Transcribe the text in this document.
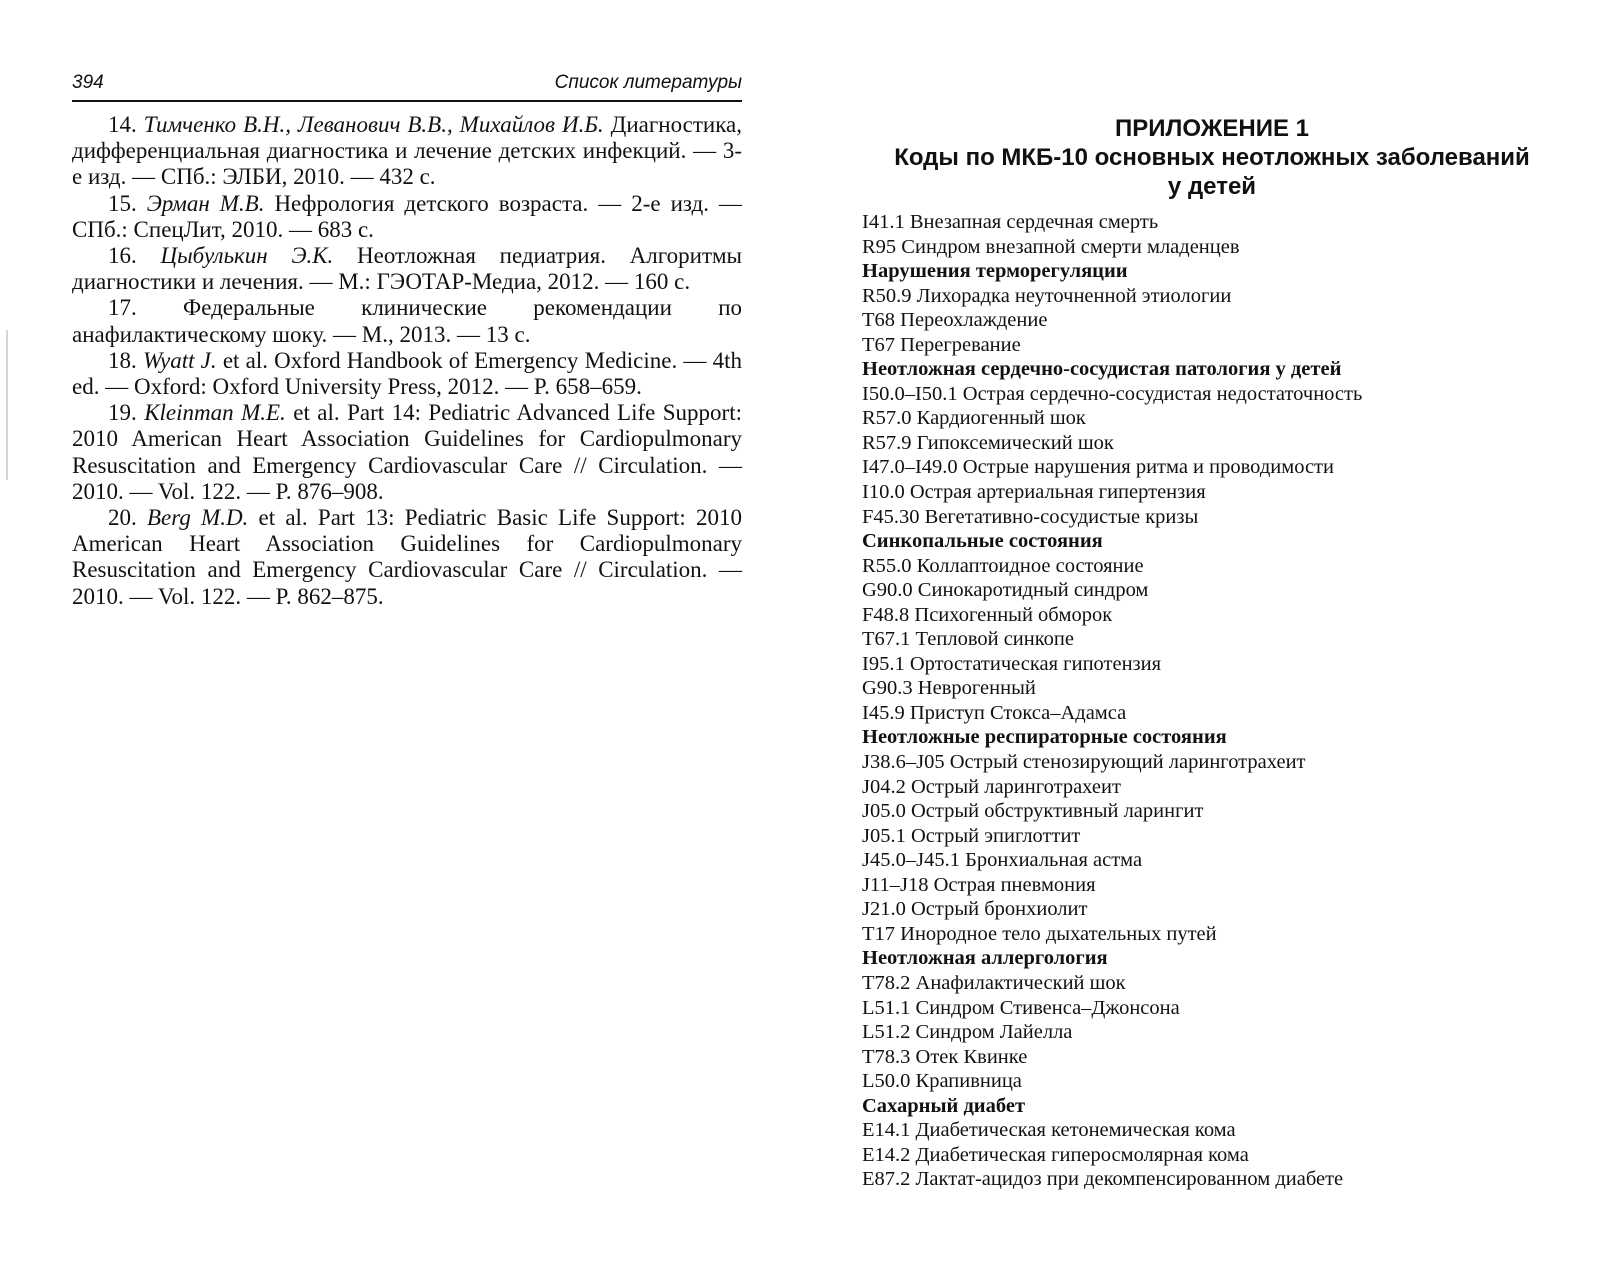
394	Список литературы
14. Тимченко В.Н., Леванович В.В., Михайлов И.Б. Диагностика, дифференциальная диагностика и лечение детских инфекций. — 3-е изд. — СПб.: ЭЛБИ, 2010. — 432 с.
15. Эрман М.В. Нефрология детского возраста. — 2-е изд. — СПб.: СпецЛит, 2010. — 683 с.
16. Цыбулькин Э.К. Неотложная педиатрия. Алгоритмы диагностики и лечения. — М.: ГЭОТАР-Медиа, 2012. — 160 с.
17. Федеральные клинические рекомендации по анафилактическому шоку. — М., 2013. — 13 с.
18. Wyatt J. et al. Oxford Handbook of Emergency Medicine. — 4th ed. — Oxford: Oxford University Press, 2012. — P. 658–659.
19. Kleinman M.E. et al. Part 14: Pediatric Advanced Life Support: 2010 American Heart Association Guidelines for Cardiopulmonary Resuscitation and Emergency Cardiovascular Care // Circulation. — 2010. — Vol. 122. — P. 876–908.
20. Berg M.D. et al. Part 13: Pediatric Basic Life Support: 2010 American Heart Association Guidelines for Cardiopulmonary Resuscitation and Emergency Cardiovascular Care // Circulation. — 2010. — Vol. 122. — P. 862–875.
ПРИЛОЖЕНИЕ 1
Коды по МКБ-10 основных неотложных заболеваний
у детей
I41.1 Внезапная сердечная смерть
R95 Синдром внезапной смерти младенцев
Нарушения терморегуляции
R50.9 Лихорадка неуточненной этиологии
T68 Переохлаждение
T67 Перегревание
Неотложная сердечно-сосудистая патология у детей
I50.0–I50.1 Острая сердечно-сосудистая недостаточность
R57.0 Кардиогенный шок
R57.9 Гипоксемический шок
I47.0–I49.0 Острые нарушения ритма и проводимости
I10.0 Острая артериальная гипертензия
F45.30 Вегетативно-сосудистые кризы
Синкопальные состояния
R55.0 Коллаптоидное состояние
G90.0 Синокаротидный синдром
F48.8 Психогенный обморок
T67.1 Тепловой синкопе
I95.1 Ортостатическая гипотензия
G90.3 Неврогенный
I45.9 Приступ Стокса–Адамса
Неотложные респираторные состояния
J38.6–J05 Острый стенозирующий ларинготрахеит
J04.2 Острый ларинготрахеит
J05.0 Острый обструктивный ларингит
J05.1 Острый эпиглоттит
J45.0–J45.1 Бронхиальная астма
J11–J18 Острая пневмония
J21.0 Острый бронхиолит
T17 Инородное тело дыхательных путей
Неотложная аллергология
T78.2 Анафилактический шок
L51.1 Синдром Стивенса–Джонсона
L51.2 Синдром Лайелла
T78.3 Отек Квинке
L50.0 Крапивница
Сахарный диабет
E14.1 Диабетическая кетонемическая кома
E14.2 Диабетическая гиперосмолярная кома
E87.2 Лактат-ацидоз при декомпенсированном диабете
